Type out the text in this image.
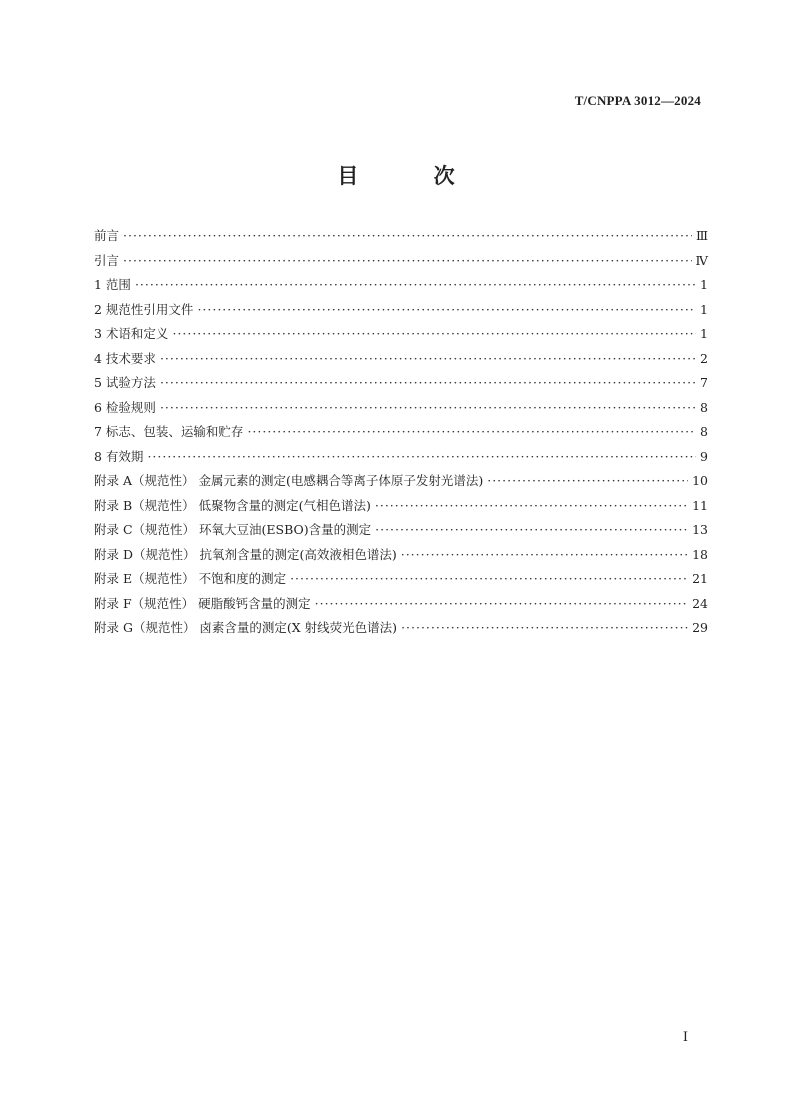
T/CNPPA 3012—2024
目 次
前言 ·····	Ⅲ
引言 ·····	Ⅳ
1 范围 ·····	1
2 规范性引用文件 ·····	1
3 术语和定义 ·····	1
4 技术要求 ·····	2
5 试验方法 ·····	7
6 检验规则 ·····	8
7 标志、包装、运输和贮存 ·····	8
8 有效期 ·····	9
附录 A（规范性） 金属元素的测定(电感耦合等离子体原子发射光谱法) ·····	10
附录 B（规范性） 低聚物含量的测定(气相色谱法) ·····	11
附录 C（规范性） 环氧大豆油(ESBO)含量的测定 ·····	13
附录 D（规范性） 抗氧剂含量的测定(高效液相色谱法) ·····	18
附录 E（规范性） 不饱和度的测定 ·····	21
附录 F（规范性） 硬脂酸钙含量的测定 ·····	24
附录 G（规范性） 卤素含量的测定(X 射线荧光色谱法) ·····	29
Ⅰ
